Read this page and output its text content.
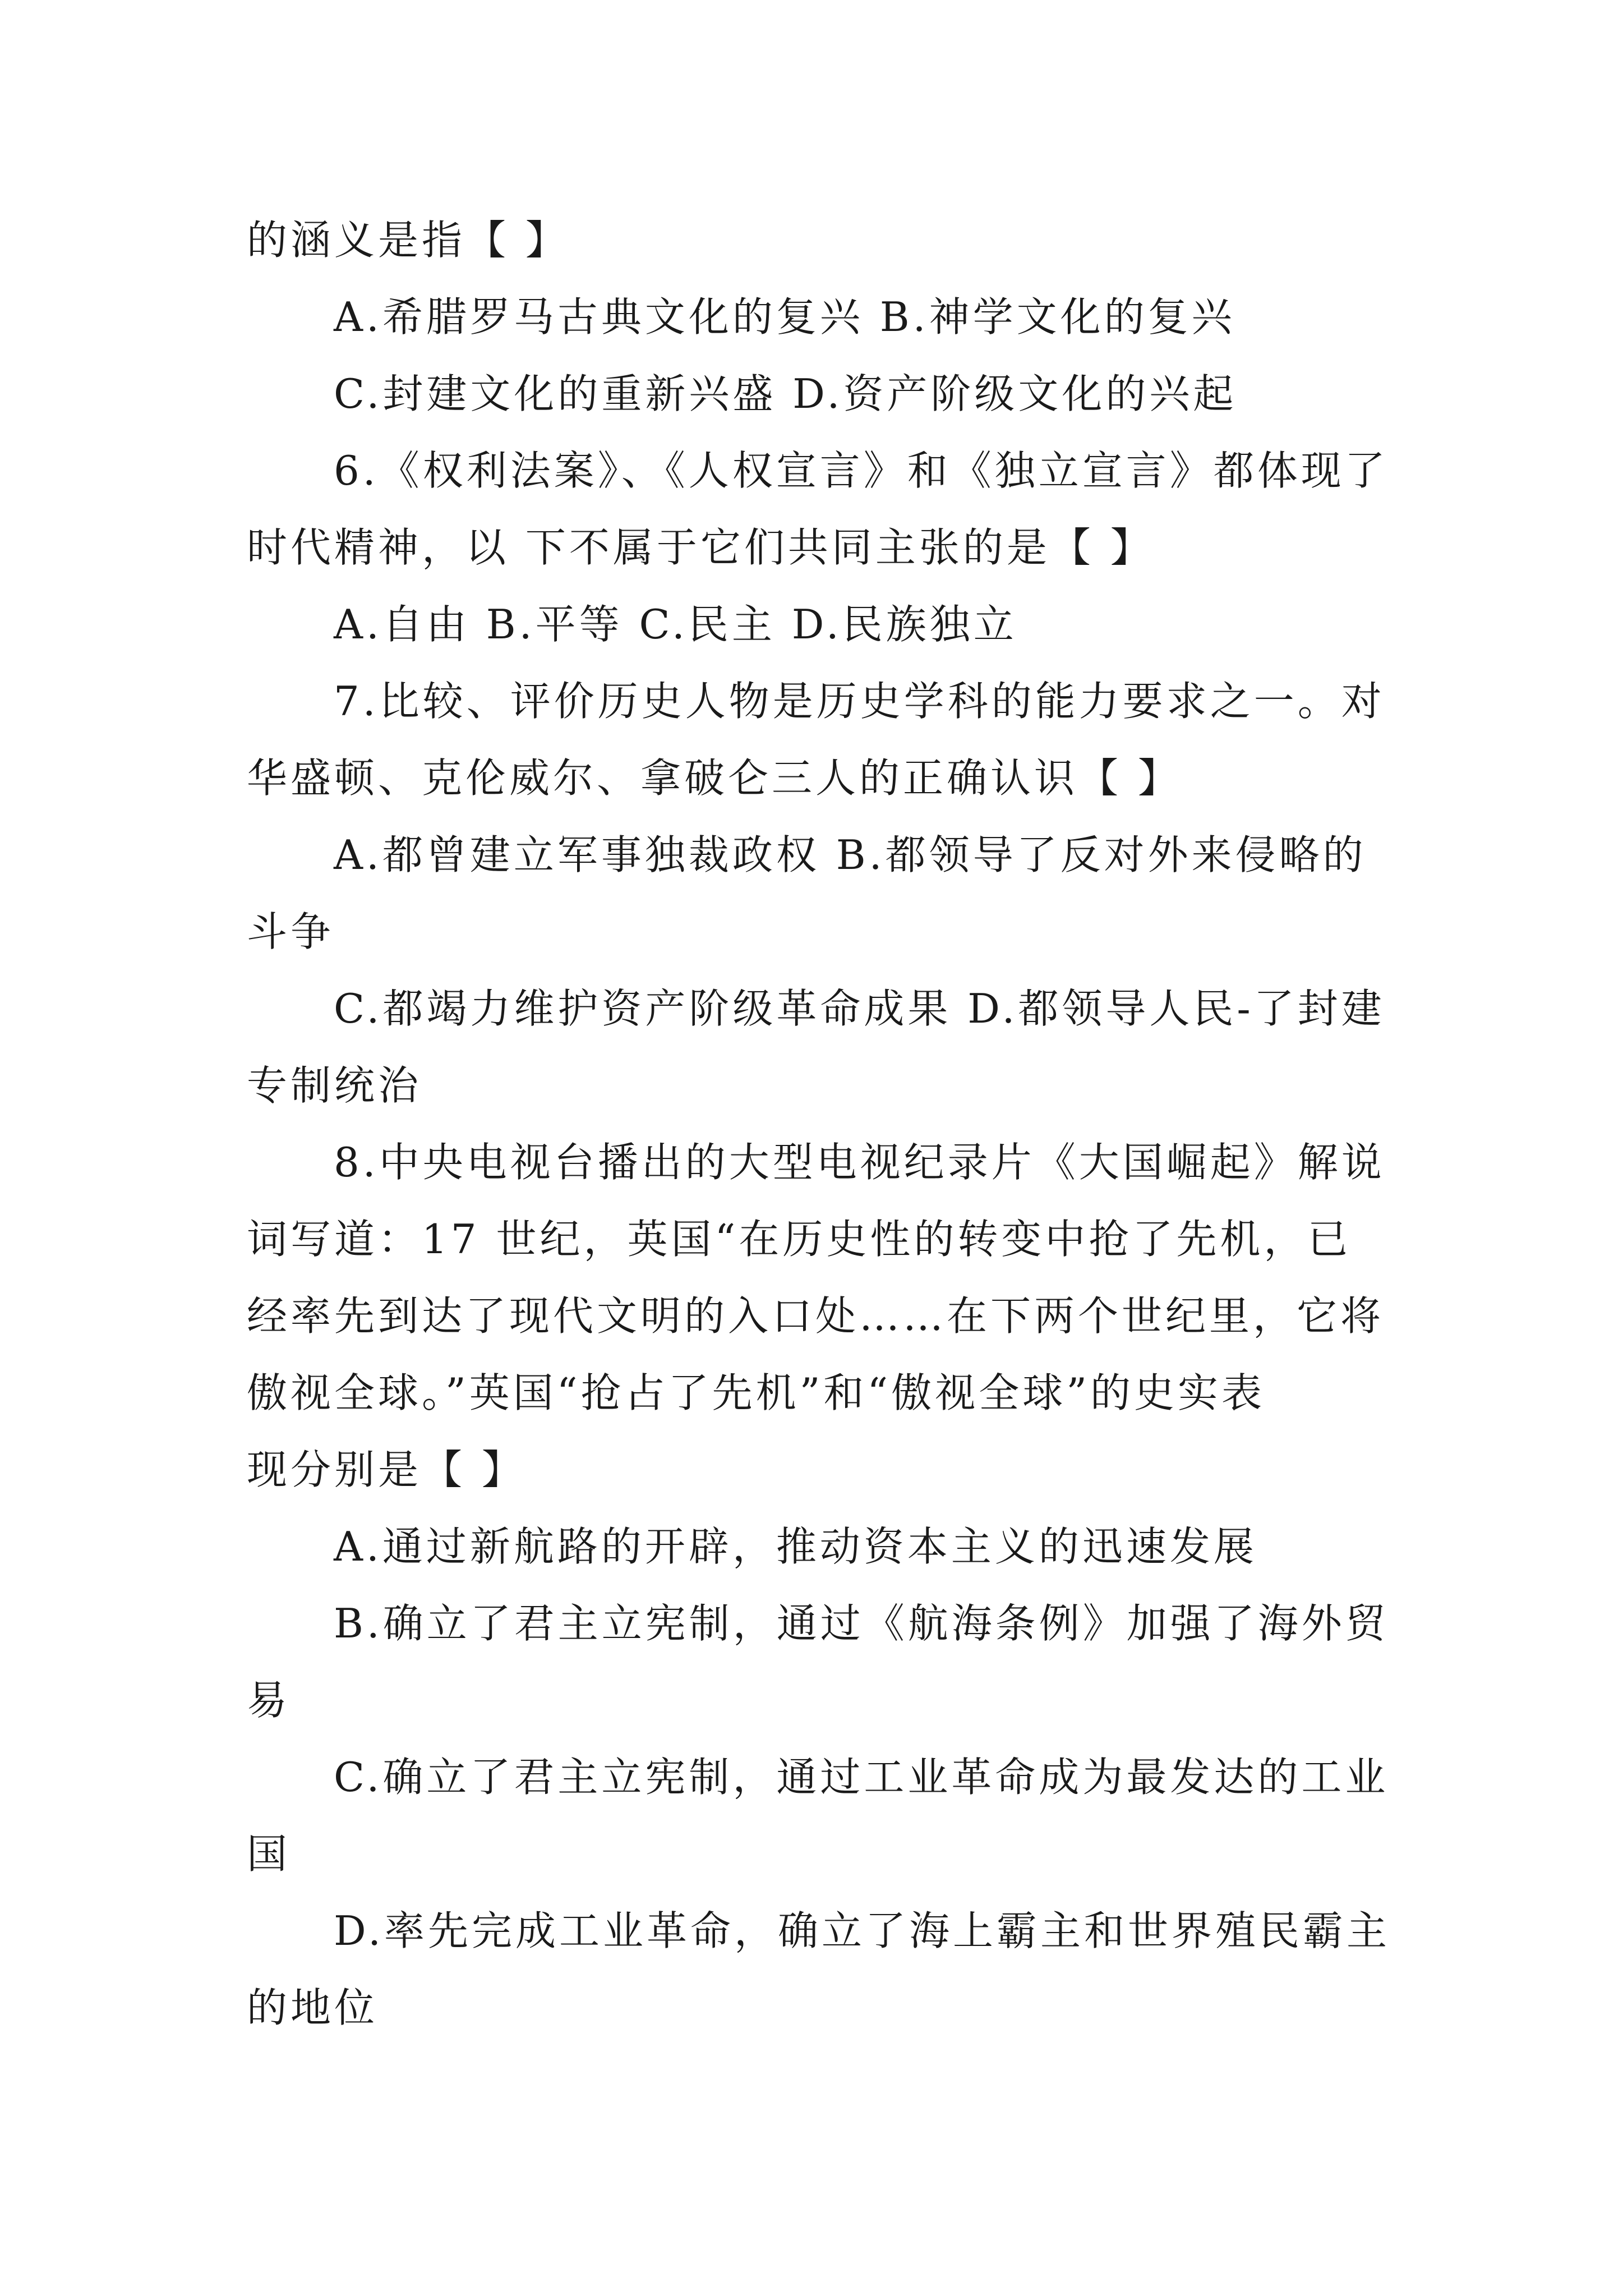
的涵义是指【 】
A.希腊罗马古典文化的复兴 B.神学文化的复兴
C.封建文化的重新兴盛 D.资产阶级文化的兴起
6.《权利法案》、《人权宣言》和《独立宣言》都体现了
时代精神，以 下不属于它们共同主张的是【 】
A.自由 B.平等 C.民主 D.民族独立
7.比较、评价历史人物是历史学科的能力要求之一。对
华盛顿、克伦威尔、拿破仑三人的正确认识【 】
A.都曾建立军事独裁政权 B.都领导了反对外来侵略的
斗争
C.都竭力维护资产阶级革命成果 D.都领导人民-了封建
专制统治
8.中央电视台播出的大型电视纪录片《大国崛起》解说
词写道：17 世纪，英国“在历史性的转变中抢了先机，已
经率先到达了现代文明的入口处……在下两个世纪里，它将
傲视全球。”英国“抢占了先机”和“傲视全球”的史实表
现分别是【 】
A.通过新航路的开辟，推动资本主义的迅速发展
B.确立了君主立宪制，通过《航海条例》加强了海外贸
易
C.确立了君主立宪制，通过工业革命成为最发达的工业
国
D.率先完成工业革命，确立了海上霸主和世界殖民霸主
的地位
